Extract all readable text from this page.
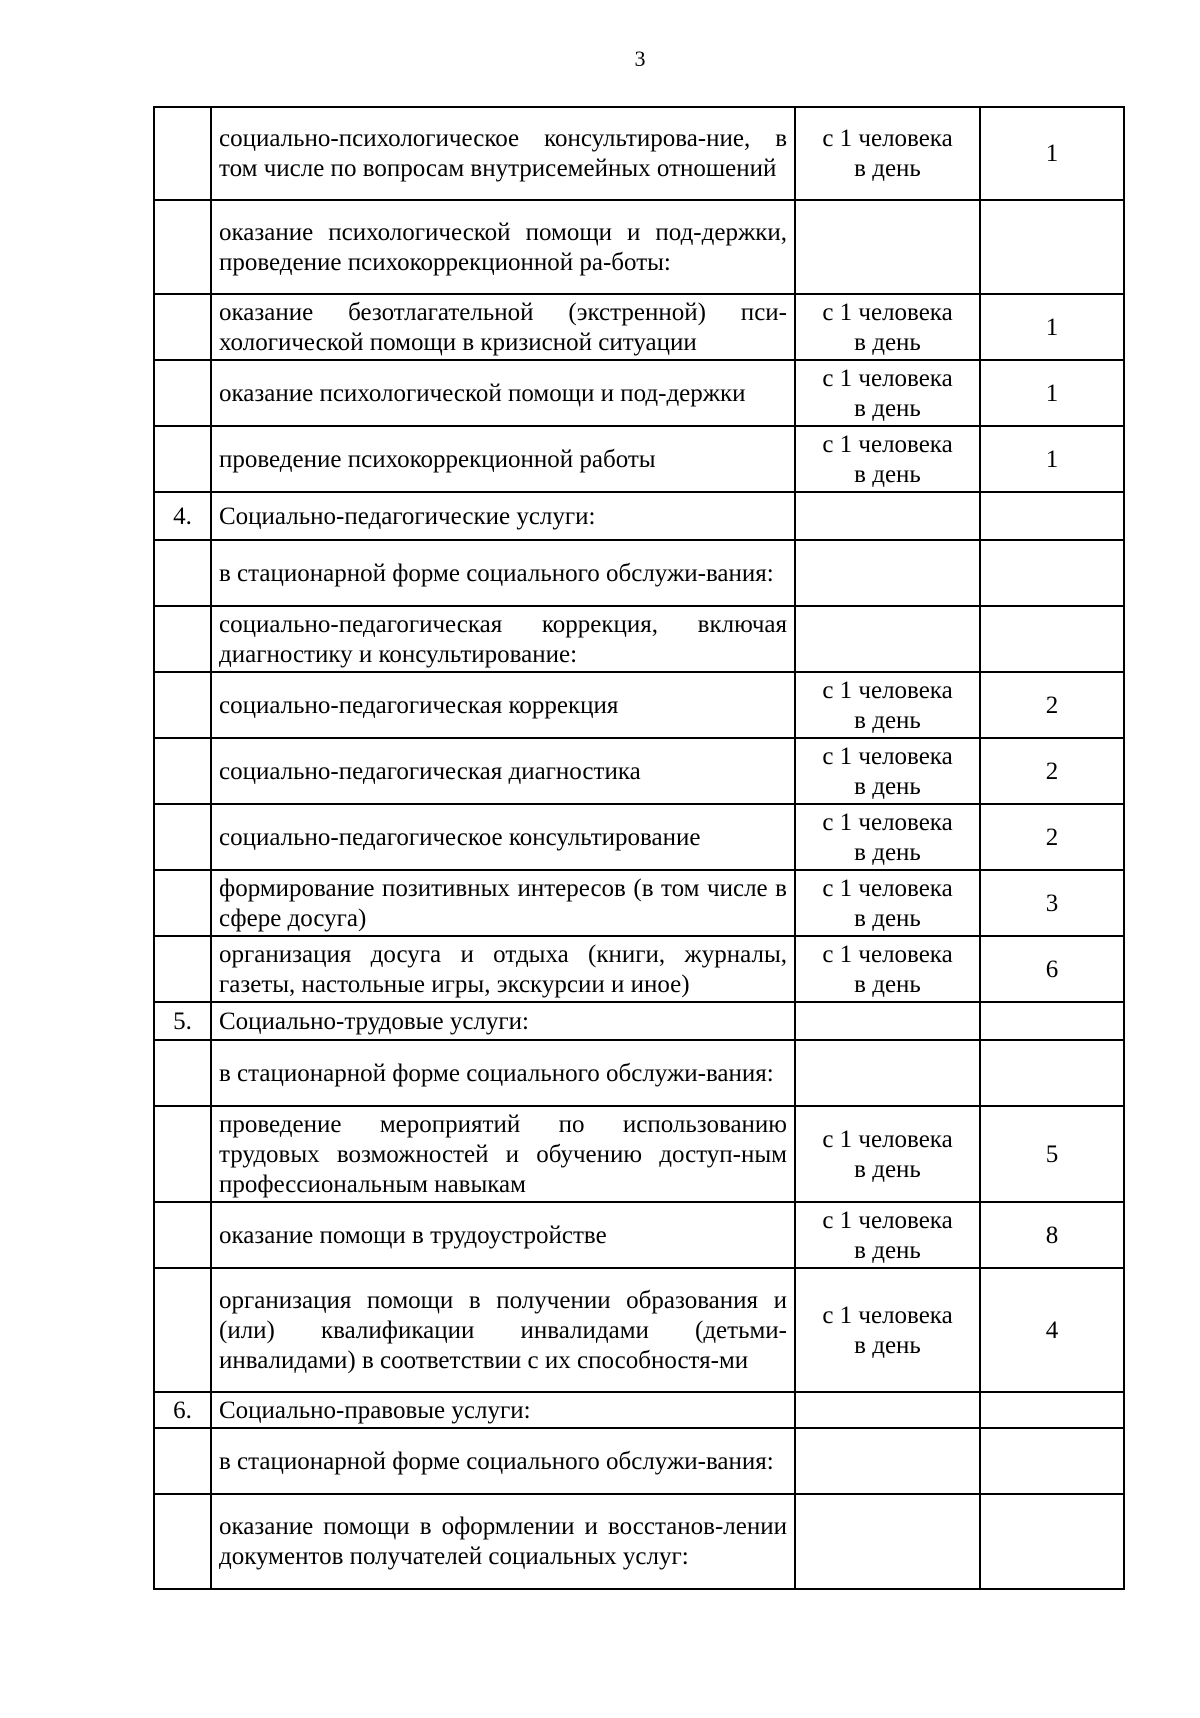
3
	социально-психологическое консультирова-ние, в том числе по вопросам внутрисемейных отношений	с 1 человека
в день	1
	оказание психологической помощи и под-держки, проведение психокоррекционной ра-боты:	

	оказание безотлагательной (экстренной) пси-хологической помощи в кризисной ситуации	с 1 человека
в день	1
	оказание психологической помощи и под-держки	с 1 человека
в день	1
	проведение психокоррекционной работы	с 1 человека
в день	1
4.	Социально-педагогические услуги:	

	в стационарной форме социального обслужи-вания:	

	социально-педагогическая коррекция, включая диагностику и консультирование:	

	социально-педагогическая коррекция	с 1 человека
в день	2
	социально-педагогическая диагностика	с 1 человека
в день	2
	социально-педагогическое консультирование	с 1 человека
в день	2
	формирование позитивных интересов (в том числе в сфере досуга)	с 1 человека
в день	3
	организация досуга и отдыха (книги, журналы, газеты, настольные игры, экскурсии и иное)	с 1 человека
в день	6
5.	Социально-трудовые услуги:	

	в стационарной форме социального обслужи-вания:	

	проведение мероприятий по использованию трудовых возможностей и обучению доступ-ным профессиональным навыкам	с 1 человека
в день	5
	оказание помощи в трудоустройстве	с 1 человека
в день	8
	организация помощи в получении образования и (или) квалификации инвалидами (детьми-инвалидами) в соответствии с их способностя-ми	с 1 человека
в день	4
6.	Социально-правовые услуги:	

	в стационарной форме социального обслужи-вания:	

	оказание помощи в оформлении и восстанов-лении документов получателей социальных услуг:	
